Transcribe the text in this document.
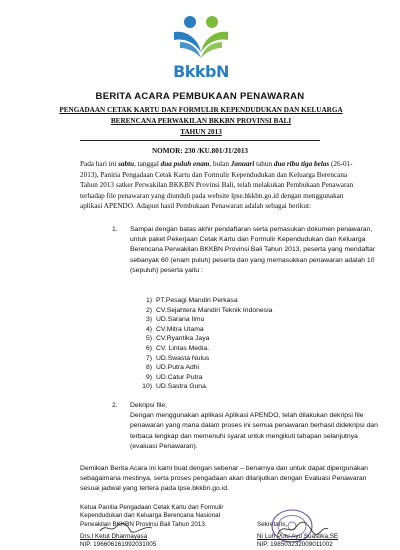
BkkbN
BERITA ACARA PEMBUKAAN PENAWARAN
PENGADAAN CETAK KARTU DAN FORMULIR KEPENDUDUKAN DAN KELUARGA
BERENCANA PERWAKILAN BKKBN PROVINSI BALI
TAHUN 2013
NOMOR: 230 /KU.801/J1/2013
Pada hari ini sabtu, tanggal dua puluh enam, bulan Januari tahun dua ribu tiga belas (26-01-
2013), Panitia Pengadaan Cetak Kartu dan Formulir Kependudukan dan Keluarga Berencana
Tahun 2013 satker Perwakilan BKKBN Provinsi Bali, telah melakukan Pembukaan Penawaran
terhadap file penawaran yang diunduh pada website lpse.bkkbn.go.id dengan menggunakan
aplikasi APENDO. Adapun hasil Pembukaan Penawaran adalah sebagai berikut:
1. Sampai dengan batas akhir pendaftaran serta pemasukan dokumen penawaran,
untuk paket Pekerjaan Cetak Kartu dan Formulir Kependudukan dan Keluarga
Berencana Perwakilan BKKBN Provinsi Bali Tahun 2013, peserta yang mendaftar
sebanyak 60 (enam puluh) peserta dan yang memasukkan penawaran adalah 10
(sepuluh) peserta yaitu :
1) PT.Pesagi Mandiri Perkasa
2) CV.Sejahtera Mandiri Teknik Indonesia
3) UD.Sarana Ilmu
4) CV.Mitra Utama
5) CV.Ryantika Jaya
6) CV. Lintas Media.
7) UD.Swasta Nulus
8) UD.Putra Adhi
9) UD.Catur Putra
10) UD.Sastra Guna.
2. Dekripsi file;
Dengan menggunakan aplikasi Aplikasi APENDO, telah dilakukan dekripsi file
penawaran yang mana dalam proses ini semua penawaran berhasil didekripsi dan
terbaca lengkap dan memenuhi syarat untuk mengikuti tahapan selanjutnya
(evaluasi Penawaran).
Demikian Berita Acara ini kami buat dengan sebenar – benarnya dan untuk dapat dipergunakan
sebagaimana mestinya, serta proses pengadaan akan dilanjutkan dengan Evaluasi Penawaran
sesuai jadwal yang tertera pada lpse.bkkbn.go.id.
Ketua Panitia Pengadaan Cetak Kartu dan Formulir
Kependudukan dan Keluarga Berencana Nasional
Perwakilan BKKBN Provinsi Bali Tahun 2013.	Sekretaris,
Drs.I Ketut Dharmayasa
NIP. 196606161992031005
Ni Luh Putu Ayu Suastika,SE
NIP. 198503232009011002
